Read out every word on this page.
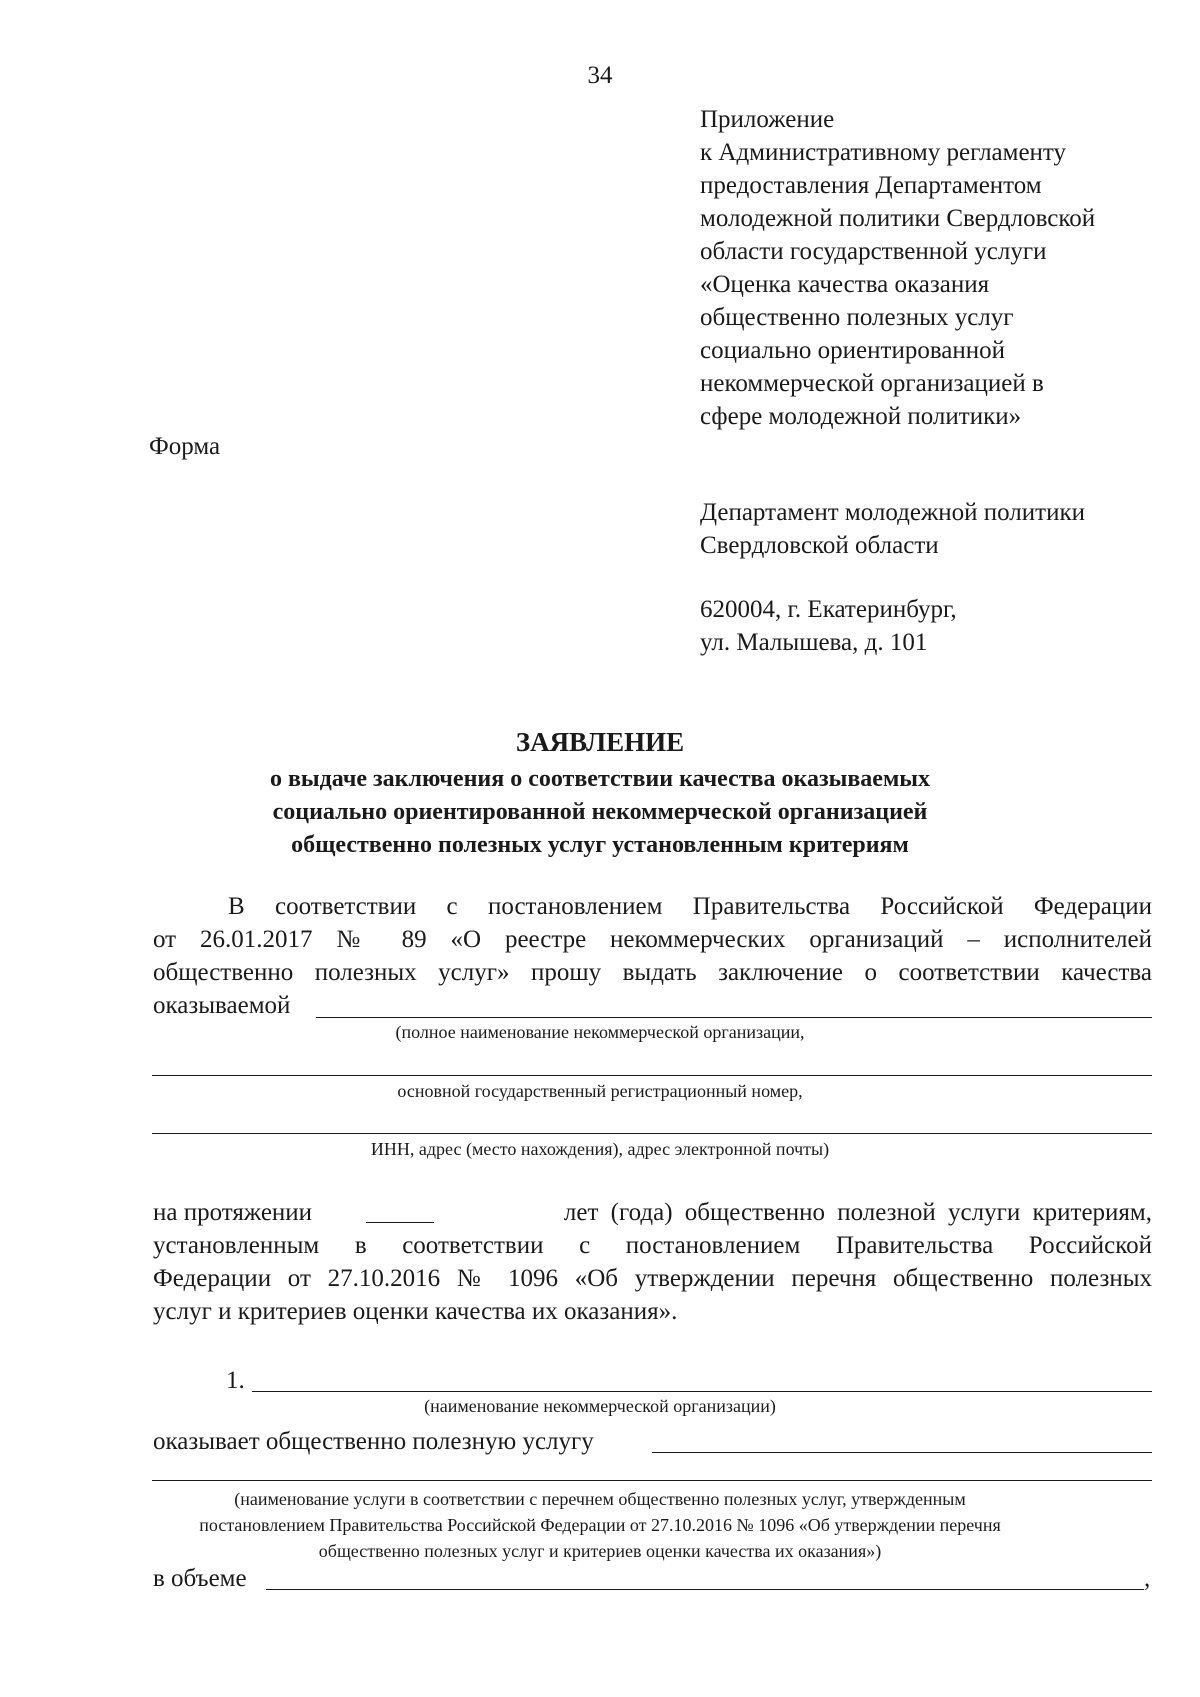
34
Приложение
к Административному регламенту
предоставления Департаментом
молодежной политики Свердловской
области государственной услуги
«Оценка качества оказания
общественно полезных услуг
социально ориентированной
некоммерческой организацией в
сфере молодежной политики»
Форма
Департамент молодежной политики
Свердловской области
620004, г. Екатеринбург,
ул. Малышева, д. 101
ЗАЯВЛЕНИЕ
о выдаче заключения о соответствии качества оказываемых
социально ориентированной некоммерческой организацией
общественно полезных услуг установленным критериям
В соответствии с постановлением Правительства Российской Федерации
от 26.01.2017 № 89 «О реестре некоммерческих организаций – исполнителей
общественно полезных услуг» прошу выдать заключение о соответствии качества
оказываемой
(полное наименование некоммерческой организации,
основной государственный регистрационный номер,
ИНН, адрес (место нахождения), адрес электронной почты)
на протяжении	лет (года) общественно полезной услуги критериям,
установленным в соответствии с постановлением Правительства Российской
Федерации от 27.10.2016 № 1096 «Об утверждении перечня общественно полезных
услуг и критериев оценки качества их оказания».
1.
(наименование некоммерческой организации)
оказывает общественно полезную услугу
(наименование услуги в соответствии с перечнем общественно полезных услуг, утвержденным
постановлением Правительства Российской Федерации от 27.10.2016 № 1096 «Об утверждении перечня
общественно полезных услуг и критериев оценки качества их оказания»)
в объеме	,
